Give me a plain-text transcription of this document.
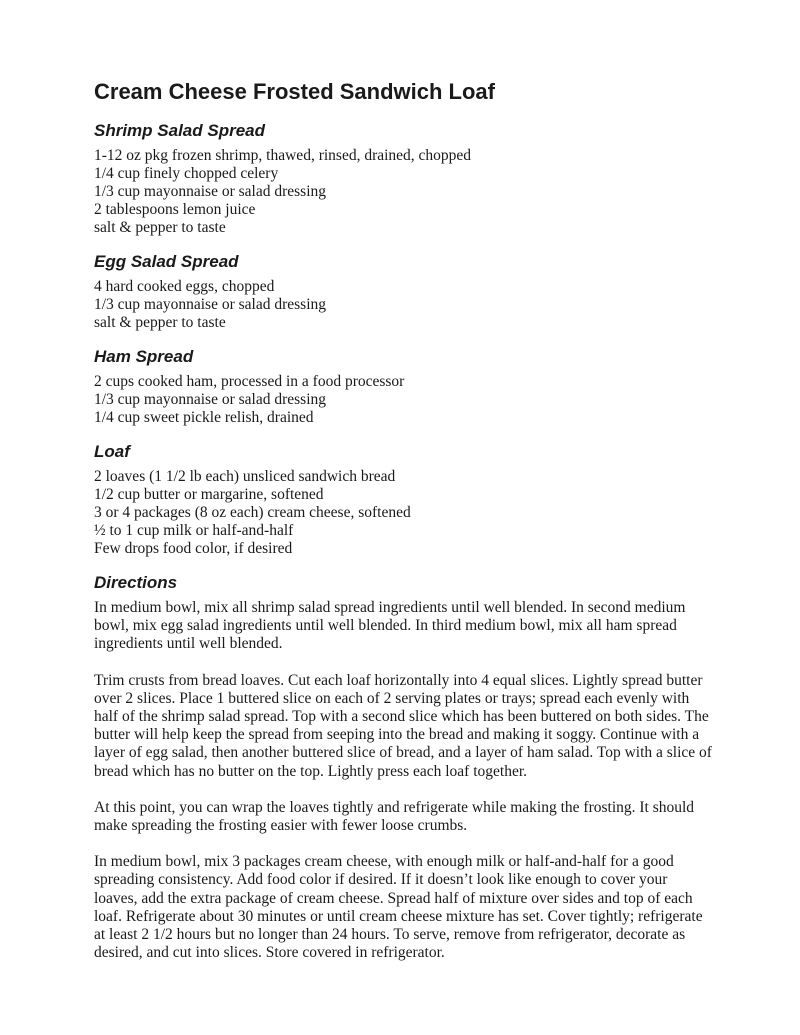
Cream Cheese Frosted Sandwich Loaf
Shrimp Salad Spread
1-12 oz pkg frozen shrimp, thawed, rinsed, drained, chopped
1/4 cup finely chopped celery
1/3 cup mayonnaise or salad dressing
2 tablespoons lemon juice
salt & pepper to taste
Egg Salad Spread
4 hard cooked eggs, chopped
1/3 cup mayonnaise or salad dressing
salt & pepper to taste
Ham Spread
2 cups cooked ham, processed in a food processor
1/3 cup mayonnaise or salad dressing
1/4 cup sweet pickle relish, drained
Loaf
2 loaves (1 1/2 lb each) unsliced sandwich bread
1/2 cup butter or margarine, softened
3 or 4 packages (8 oz each) cream cheese, softened
½ to 1 cup milk or half-and-half
Few drops food color, if desired
Directions

In medium bowl, mix all shrimp salad spread ingredients until well blended. In second medium bowl, mix egg salad ingredients until well blended. In third medium bowl, mix all ham spread ingredients until well blended.

Trim crusts from bread loaves. Cut each loaf horizontally into 4 equal slices. Lightly spread butter over 2 slices. Place 1 buttered slice on each of 2 serving plates or trays; spread each evenly with half of the shrimp salad spread. Top with a second slice which has been buttered on both sides. The butter will help keep the spread from seeping into the bread and making it soggy. Continue with a layer of egg salad, then another buttered slice of bread, and a layer of ham salad. Top with a slice of bread which has no butter on the top. Lightly press each loaf together.

At this point, you can wrap the loaves tightly and refrigerate while making the frosting. It should make spreading the frosting easier with fewer loose crumbs.

In medium bowl, mix 3 packages cream cheese, with enough milk or half-and-half for a good spreading consistency. Add food color if desired. If it doesn’t look like enough to cover your loaves, add the extra package of cream cheese. Spread half of mixture over sides and top of each loaf. Refrigerate about 30 minutes or until cream cheese mixture has set. Cover tightly; refrigerate at least 2 1/2 hours but no longer than 24 hours. To serve, remove from refrigerator, decorate as desired, and cut into slices. Store covered in refrigerator.
